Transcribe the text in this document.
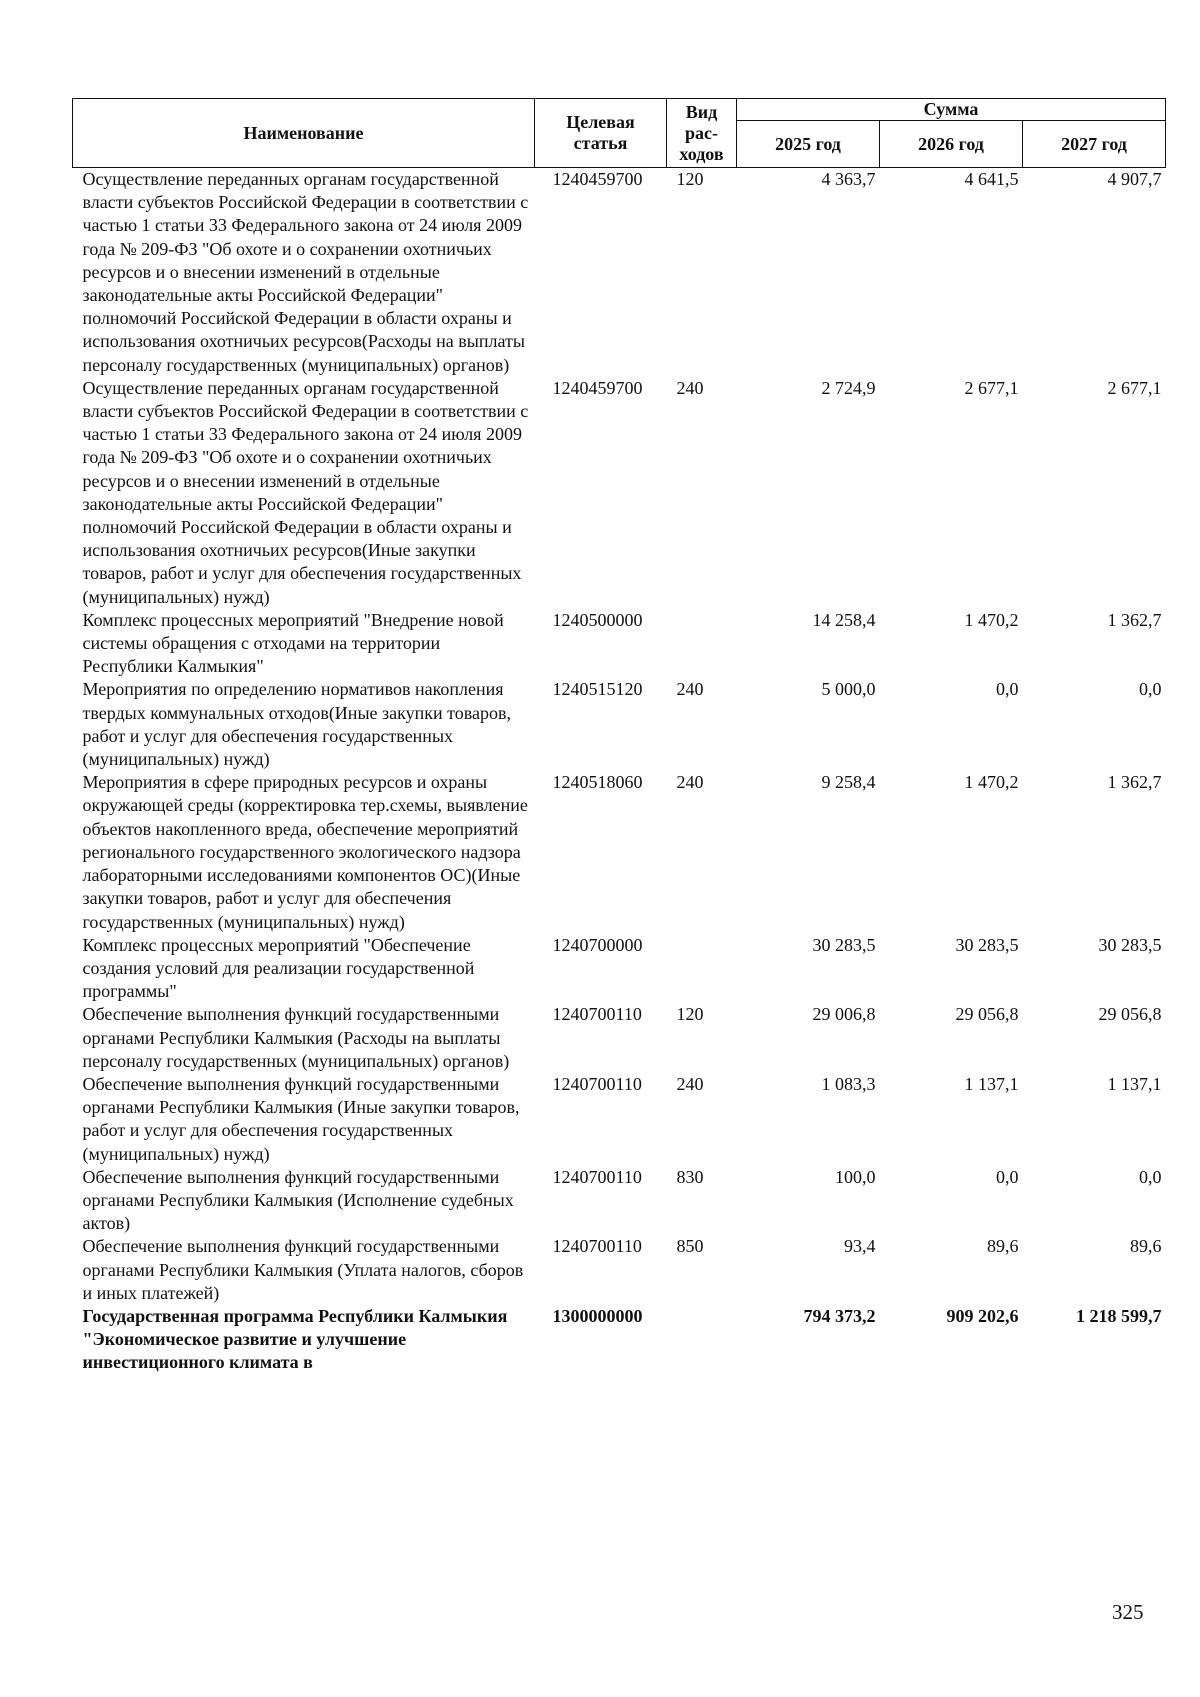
Наименование	Целевая статья	Вид рас-ходов	Сумма		
			2025 год	2026 год	2027 год
Осуществление переданных органам государственной власти субъектов Российской Федерации в соответствии с частью 1 статьи 33 Федерального закона от 24 июля 2009 года № 209-ФЗ "Об охоте и о сохранении охотничьих ресурсов и о внесении изменений в отдельные законодательные акты Российской Федерации" полномочий Российской Федерации в области охраны и использования охотничьих ресурсов(Расходы на выплаты персоналу государственных (муниципальных) органов)	1240459700	120	4 363,7	4 641,5	4 907,7
Осуществление переданных органам государственной власти субъектов Российской Федерации в соответствии с частью 1 статьи 33 Федерального закона от 24 июля 2009 года № 209-ФЗ "Об охоте и о сохранении охотничьих ресурсов и о внесении изменений в отдельные законодательные акты Российской Федерации" полномочий Российской Федерации в области охраны и использования охотничьих ресурсов(Иные закупки товаров, работ и услуг для обеспечения государственных (муниципальных) нужд)	1240459700	240	2 724,9	2 677,1	2 677,1
Комплекс процессных мероприятий "Внедрение новой системы обращения с отходами на территории Республики Калмыкия"	1240500000		14 258,4	1 470,2	1 362,7
Мероприятия по определению нормативов накопления твердых коммунальных отходов(Иные закупки товаров, работ и услуг для обеспечения государственных (муниципальных) нужд)	1240515120	240	5 000,0	0,0	0,0
Мероприятия в сфере природных ресурсов и охраны окружающей среды (корректировка тер.схемы, выявление объектов накопленного вреда, обеспечение мероприятий регионального государственного экологического надзора лабораторными исследованиями компонентов ОС)(Иные закупки товаров, работ и услуг для обеспечения государственных (муниципальных) нужд)	1240518060	240	9 258,4	1 470,2	1 362,7
Комплекс процессных мероприятий "Обеспечение создания условий для реализации государственной программы"	1240700000		30 283,5	30 283,5	30 283,5
Обеспечение выполнения функций государственными органами Республики Калмыкия (Расходы на выплаты персоналу государственных (муниципальных) органов)	1240700110	120	29 006,8	29 056,8	29 056,8
Обеспечение выполнения функций государственными органами Республики Калмыкия (Иные закупки товаров, работ и услуг для обеспечения государственных (муниципальных) нужд)	1240700110	240	1 083,3	1 137,1	1 137,1
Обеспечение выполнения функций государственными органами Республики Калмыкия (Исполнение судебных актов)	1240700110	830	100,0	0,0	0,0
Обеспечение выполнения функций государственными органами Республики Калмыкия (Уплата налогов, сборов и иных платежей)	1240700110	850	93,4	89,6	89,6
Государственная программа Республики Калмыкия "Экономическое развитие и улучшение инвестиционного климата в	1300000000		794 373,2	909 202,6	1 218 599,7
325
